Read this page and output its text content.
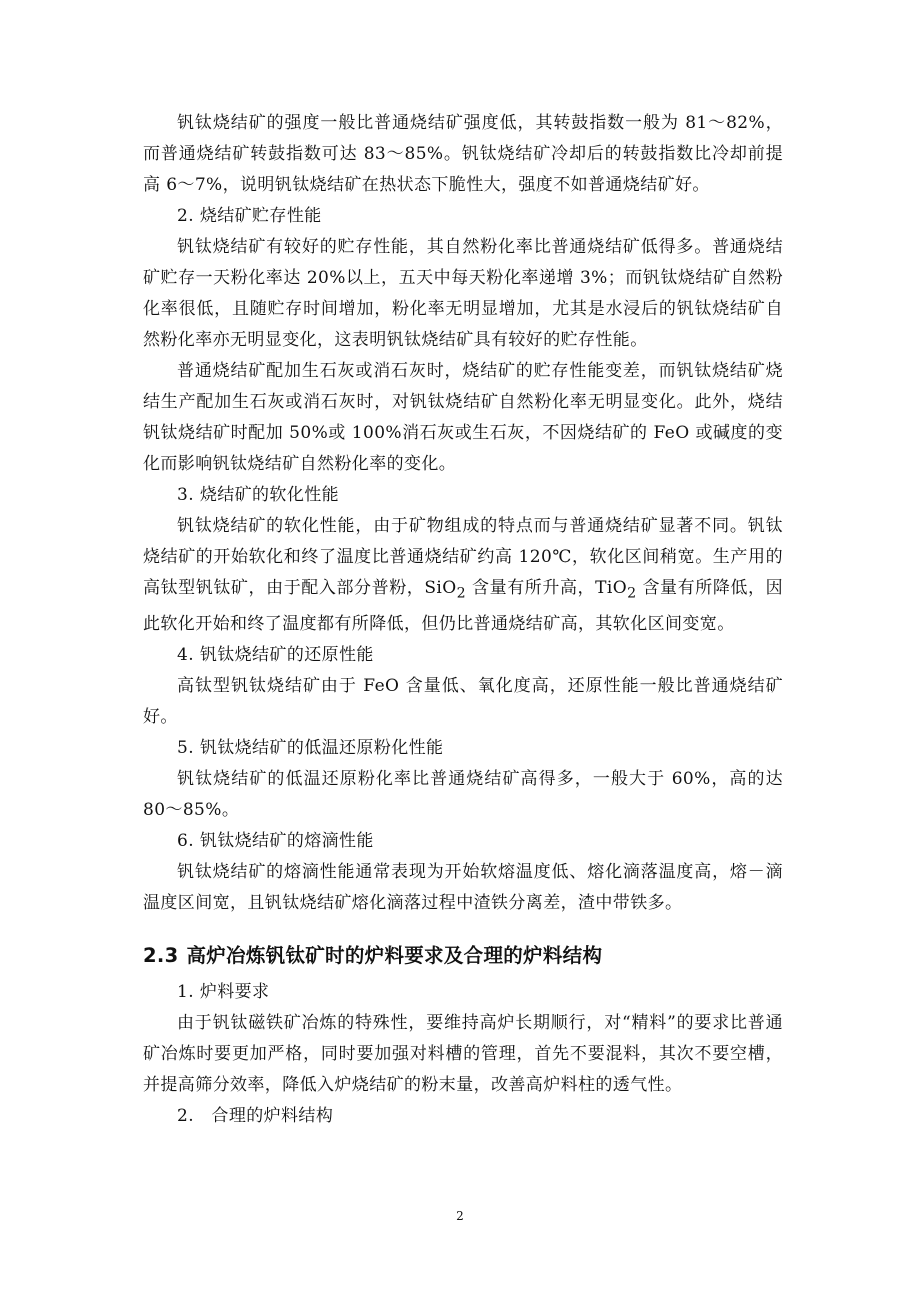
钒钛烧结矿的强度一般比普通烧结矿强度低，其转鼓指数一般为 81～82%，而普通烧结矿转鼓指数可达 83～85%。钒钛烧结矿冷却后的转鼓指数比冷却前提高 6～7%，说明钒钛烧结矿在热状态下脆性大，强度不如普通烧结矿好。

2. 烧结矿贮存性能

钒钛烧结矿有较好的贮存性能，其自然粉化率比普通烧结矿低得多。普通烧结矿贮存一天粉化率达 20%以上，五天中每天粉化率递增 3%；而钒钛烧结矿自然粉化率很低，且随贮存时间增加，粉化率无明显增加，尤其是水浸后的钒钛烧结矿自然粉化率亦无明显变化，这表明钒钛烧结矿具有较好的贮存性能。

普通烧结矿配加生石灰或消石灰时，烧结矿的贮存性能变差，而钒钛烧结矿烧结生产配加生石灰或消石灰时，对钒钛烧结矿自然粉化率无明显变化。此外，烧结钒钛烧结矿时配加 50%或 100%消石灰或生石灰，不因烧结矿的 FeO 或碱度的变化而影响钒钛烧结矿自然粉化率的变化。

3. 烧结矿的软化性能

钒钛烧结矿的软化性能，由于矿物组成的特点而与普通烧结矿显著不同。钒钛烧结矿的开始软化和终了温度比普通烧结矿约高 120℃，软化区间稍宽。生产用的高钛型钒钛矿，由于配入部分普粉，SiO$_2$ 含量有所升高，TiO$_2$ 含量有所降低，因此软化开始和终了温度都有所降低，但仍比普通烧结矿高，其软化区间变宽。

4. 钒钛烧结矿的还原性能

高钛型钒钛烧结矿由于 FeO 含量低、氧化度高，还原性能一般比普通烧结矿好。

5. 钒钛烧结矿的低温还原粉化性能

钒钛烧结矿的低温还原粉化率比普通烧结矿高得多，一般大于 60%，高的达 80～85%。

6. 钒钛烧结矿的熔滴性能

钒钛烧结矿的熔滴性能通常表现为开始软熔温度低、熔化滴落温度高，熔－滴温度区间宽，且钒钛烧结矿熔化滴落过程中渣铁分离差，渣中带铁多。

2.3 高炉冶炼钒钛矿时的炉料要求及合理的炉料结构

1. 炉料要求

由于钒钛磁铁矿冶炼的特殊性，要维持高炉长期顺行，对“精料”的要求比普通矿冶炼时要更加严格，同时要加强对料槽的管理，首先不要混料，其次不要空槽，并提高筛分效率，降低入炉烧结矿的粉末量，改善高炉料柱的透气性。

2.   合理的炉料结构

2
